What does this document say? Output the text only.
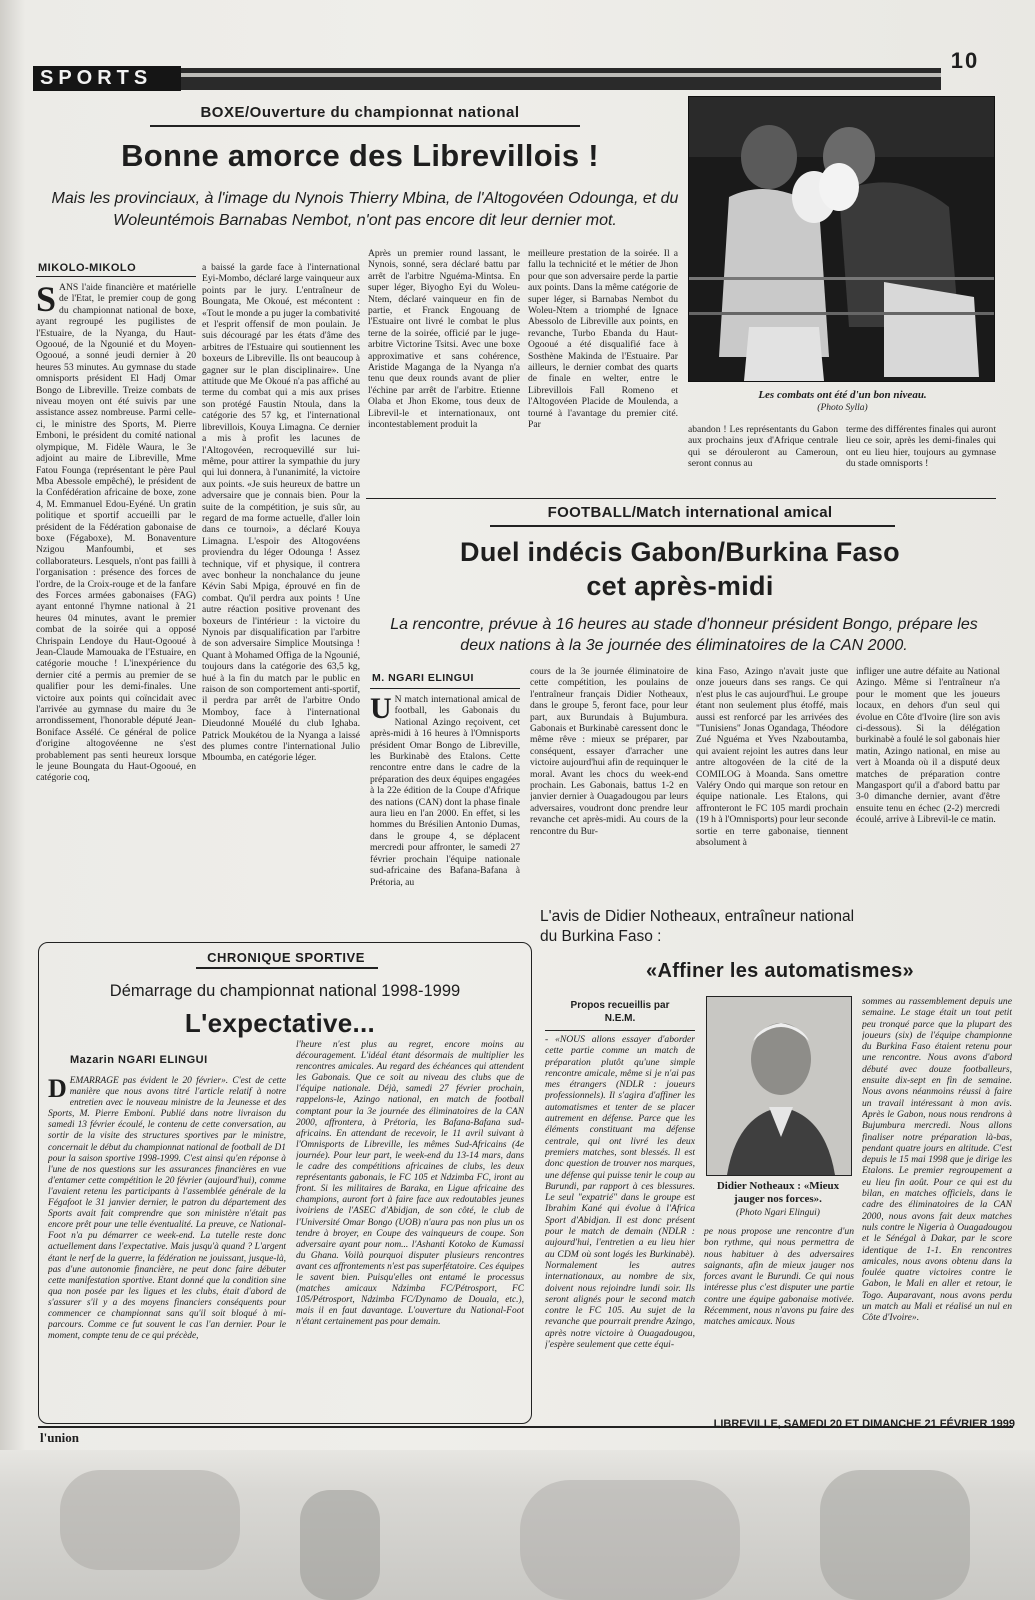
SPORTS
10
BOXE/Ouverture du championnat national
Bonne amorce des Librevillois !
Mais les provinciaux, à l'image du Nynois Thierry Mbina, de l'Altogovéen Odounga, et du Woleuntémois Barnabas Nembot, n'ont pas encore dit leur dernier mot.
MIKOLO-MIKOLO
SANS l'aide financière et matérielle de l'Etat, le premier coup de gong du championnat national de boxe, ayant regroupé les pugilistes de l'Estuaire, de la Nyanga, du Haut-Ogooué, de la Ngounié et du Moyen-Ogooué, a sonné jeudi dernier à 20 heures 53 minutes. Au gymnase du stade omnisports président El Hadj Omar Bongo de Libreville. Treize combats de niveau moyen ont été suivis par une assistance assez nombreuse. Parmi celle-ci, le ministre des Sports, M. Pierre Emboni, le président du comité national olympique, M. Fidèle Waura, le 3e adjoint au maire de Libreville, Mme Fatou Founga (représentant le père Paul Mba Abessole empêché), le président de la Confédération africaine de boxe, zone 4, M. Emmanuel Edou-Eyéné. Un gratin politique et sportif accueilli par le président de la Fédération gabonaise de boxe (Fégaboxe), M. Bonaventure Nzigou Manfoumbi, et ses collaborateurs. Lesquels, n'ont pas failli à l'organisation : présence des forces de l'ordre, de la Croix-rouge et de la fanfare des Forces armées gabonaises (FAG) ayant entonné l'hymne national à 21 heures 04 minutes, avant le premier combat de la soirée qui a opposé Chrispain Lendoye du Haut-Ogooué à Jean-Claude Mamouaka de l'Estuaire, en catégorie mouche ! L'inexpérience du dernier cité a permis au premier de se qualifier pour les demi-finales. Une victoire aux points qui coïncidait avec l'arrivée au gymnase du maire du 3e arrondissement, l'honorable député Jean-Boniface Assélé. Ce général de police d'origine altogovéenne ne s'est probablement pas senti heureux lorsque le jeune Boungata du Haut-Ogooué, en catégorie coq,
a baissé la garde face à l'international Eyi-Mombo, déclaré large vainqueur aux points par le jury. L'entraîneur de Boungata, Me Okoué, est mécontent : «Tout le monde a pu juger la combativité et l'esprit offensif de mon poulain. Je suis découragé par les états d'âme des arbitres de l'Estuaire qui soutiennent les boxeurs de Libreville. Ils ont beaucoup à gagner sur le plan disciplinaire». Une attitude que Me Okoué n'a pas affiché au terme du combat qui a mis aux prises son protégé Faustin Ntoula, dans la catégorie des 57 kg, et l'international librevillois, Kouya Limagna. Ce dernier a mis à profit les lacunes de l'Altogovéen, recroquevillé sur lui-même, pour attirer la sympathie du jury qui lui donnera, à l'unanimité, la victoire aux points. «Je suis heureux de battre un adversaire que je connais bien. Pour la suite de la compétition, je suis sûr, au regard de ma forme actuelle, d'aller loin dans ce tournoi», a déclaré Kouya Limagna. L'espoir des Altogovéens proviendra du léger Odounga ! Assez technique, vif et physique, il contrera avec bonheur la nonchalance du jeune Kévin Sabi Mpiga, éprouvé en fin de combat. Qu'il perdra aux points ! Une autre réaction positive provenant des boxeurs de l'intérieur : la victoire du Nynois par disqualification par l'arbitre de son adversaire Simplice Moutsinga ! Quant à Mohamed Offiga de la Ngounié, toujours dans la catégorie des 63,5 kg, hué à la fin du match par le public en raison de son comportement anti-sportif, il perdra par arrêt de l'arbitre Ondo Momboy, face à l'international Dieudonné Mouélé du club Ighaba. Patrick Moukétou de la Nyanga a laissé des plumes contre l'international Julio Mboumba, en catégorie léger.
Après un premier round lassant, le Nynois, sonné, sera déclaré battu par arrêt de l'arbitre Nguéma-Mintsa. En super léger, Biyogho Eyi du Woleu-Ntem, déclaré vainqueur en fin de partie, et Franck Engouang de l'Estuaire ont livré le combat le plus terne de la soirée, officié par le juge-arbitre Victorine Tsitsi. Avec une boxe approximative et sans cohérence, Aristide Maganga de la Nyanga n'a tenu que deux rounds avant de plier l'échine par arrêt de l'arbitre. Etienne Olaba et Jhon Ekome, tous deux de Librevil-le et internationaux, ont incontestablement produit la
meilleure prestation de la soirée. Il a fallu la technicité et le métier de Jhon pour que son adversaire perde la partie aux points. Dans la même catégorie de super léger, si Barnabas Nembot du Woleu-Ntem a triomphé de Ignace Abessolo de Libreville aux points, en revanche, Turbo Ebanda du Haut-Ogooué a été disqualifié face à Sosthène Makinda de l'Estuaire. Par ailleurs, le dernier combat des quarts de finale en welter, entre le Librevillois Fall Romeno et l'Altogovéen Placide de Moulenda, a tourné à l'avantage du premier cité. Par
Les combats ont été d'un bon niveau.
(Photo Sylla)
abandon ! Les représentants du Gabon aux prochains jeux d'Afrique centrale qui se dérouleront au Cameroun, seront connus au
terme des différentes finales qui auront lieu ce soir, après les demi-finales qui ont eu lieu hier, toujours au gymnase du stade omnisports !
FOOTBALL/Match international amical
Duel indécis Gabon/Burkina Faso
cet après-midi
La rencontre, prévue à 16 heures au stade d'honneur président Bongo, prépare les deux nations à la 3e journée des éliminatoires de la CAN 2000.
M. NGARI ELINGUI
U N match international amical de football, les Gabonais du National Azingo reçoivent, cet après-midi à 16 heures à l'Omnisports président Omar Bongo de Libreville, les Burkinabè des Etalons. Cette rencontre entre dans le cadre de la préparation des deux équipes engagées à la 22e édition de la Coupe d'Afrique des nations (CAN) dont la phase finale aura lieu en l'an 2000. En effet, si les hommes du Brésilien Antonio Dumas, dans le groupe 4, se déplacent mercredi pour affronter, le samedi 27 février prochain l'équipe nationale sud-africaine des Bafana-Bafana à Prétoria, au
cours de la 3e journée éliminatoire de cette compétition, les poulains de l'entraîneur français Didier Notheaux, dans le groupe 5, feront face, pour leur part, aux Burundais à Bujumbura. Gabonais et Burkinabè caressent donc le même rêve : mieux se préparer, par conséquent, essayer d'arracher une victoire aujourd'hui afin de requinquer le moral. Avant les chocs du week-end prochain. Les Gabonais, battus 1-2 en janvier dernier à Ouagadougou par leurs adversaires, voudront donc prendre leur revanche cet après-midi. Au cours de la rencontre du Bur-
kina Faso, Azingo n'avait juste que onze joueurs dans ses rangs. Ce qui n'est plus le cas aujourd'hui. Le groupe étant non seulement plus étoffé, mais aussi est renforcé par les arrivées des "Tunisiens" Jonas Ogandaga, Théodore Zué Nguéma et Yves Nzaboutamba, qui avaient rejoint les autres dans leur antre altogovéen de la cité de la COMILOG à Moanda. Sans omettre Valéry Ondo qui marque son retour en équipe nationale. Les Etalons, qui affronteront le FC 105 mardi prochain (19 h à l'Omnisports) pour leur seconde sortie en terre gabonaise, tiennent absolument à
infliger une autre défaite au National Azingo. Même si l'entraîneur n'a pour le moment que les joueurs locaux, en dehors d'un seul qui évolue en Côte d'Ivoire (lire son avis ci-dessous). Si la délégation burkinabè a foulé le sol gabonais hier matin, Azingo national, en mise au vert à Moanda où il a disputé deux matches de préparation contre Mangasport qu'il a d'abord battu par 3-0 dimanche dernier, avant d'être ensuite tenu en échec (2-2) mercredi écoulé, arrive à Librevil-le ce matin.
CHRONIQUE SPORTIVE
Démarrage du championnat national 1998-1999
L'expectative...
Mazarin NGARI ELINGUI
DEMARRAGE pas évident le 20 février». C'est de cette manière que nous avons titré l'article relatif à notre entretien avec le nouveau ministre de la Jeunesse et des Sports, M. Pierre Emboni. Publié dans notre livraison du samedi 13 février écoulé, le contenu de cette conversation, au sortir de la visite des structures sportives par le ministre, concernait le début du championnat national de football de D1 pour la saison sportive 1998-1999. C'est ainsi qu'en réponse à l'une de nos questions sur les assurances financières en vue d'entamer cette compétition le 20 février (aujourd'hui), comme l'avaient retenu les participants à l'assemblée générale de la Fégafoot le 31 janvier dernier, le patron du département des Sports avait fait comprendre que son ministère n'était pas encore prêt pour une telle éventualité. La preuve, ce National-Foot n'a pu démarrer ce week-end. La tutelle reste donc actuellement dans l'expectative. Mais jusqu'à quand ? L'argent étant le nerf de la guerre, la fédération ne jouissant, jusque-là, pas d'une autonomie financière, ne peut donc faire débuter cette manifestation sportive. Etant donné que la condition sine qua non posée par les ligues et les clubs, était d'abord de s'assurer s'il y a des moyens financiers conséquents pour commencer ce championnat sans qu'il soit bloqué à mi-parcours. Comme ce fut souvent le cas l'an dernier. Pour le moment, compte tenu de ce qui précède,
l'heure n'est plus au regret, encore moins au découragement. L'idéal étant désormais de multiplier les rencontres amicales. Au regard des échéances qui attendent les Gabonais. Que ce soit au niveau des clubs que de l'équipe nationale. Déjà, samedi 27 février prochain, rappelons-le, Azingo national, en match de football comptant pour la 3e journée des éliminatoires de la CAN 2000, affrontera, à Prétoria, les Bafana-Bafana sud-africains. En attendant de recevoir, le 11 avril suivant à l'Omnisports de Libreville, les mêmes Sud-Africains (4e journée). Pour leur part, le week-end du 13-14 mars, dans le cadre des compétitions africaines de clubs, les deux représentants gabonais, le FC 105 et Ndzimba FC, iront au front. Si les militaires de Baraka, en Ligue africaine des champions, auront fort à faire face aux redoutables jeunes ivoiriens de l'ASEC d'Abidjan, de son côté, le club de l'Université Omar Bongo (UOB) n'aura pas non plus un os tendre à broyer, en Coupe des vainqueurs de coupe. Son adversaire ayant pour nom... l'Ashanti Kotoko de Kumassi du Ghana. Voilà pourquoi disputer plusieurs rencontres avant ces affrontements n'est pas superfétatoire. Ces équipes le savent bien. Puisqu'elles ont entamé le processus (matches amicaux Ndzimba FC/Pétrosport, FC 105/Pétrosport, Ndzimba FC/Dynamo de Douala, etc.), mais il en faut davantage. L'ouverture du National-Foot n'étant certainement pas pour demain.
L'avis de Didier Notheaux, entraîneur national
du Burkina Faso :
«Affiner les automatismes»
Propos recueillis par
N.E.M.
- «NOUS allons essayer d'aborder cette partie comme un match de préparation plutôt qu'une simple rencontre amicale, même si je n'ai pas mes étrangers (NDLR : joueurs professionnels). Il s'agira d'affiner les automatismes et tenter de se placer autrement en défense. Parce que les éléments constituant ma défense centrale, qui ont livré les deux premiers matches, sont blessés. Il est donc question de trouver nos marques, une défense qui puisse tenir le coup au Burundi, par rapport à ces blessures. Le seul "expatrié" dans le groupe est Ibrahim Kané qui évolue à l'Africa Sport d'Abidjan. Il est donc présent pour le match de demain (NDLR : aujourd'hui, l'entretien a eu lieu hier au CDM où sont logés les Burkinabè). Normalement les autres internationaux, au nombre de six, doivent nous rejoindre lundi soir. Ils seront alignés pour le second match contre le FC 105. Au sujet de la revanche que pourrait prendre Azingo, après notre victoire à Ouagadougou, j'espère seulement que cette équi-
Didier Notheaux : «Mieux jauger nos forces».
(Photo Ngari Elingui)
pe nous propose une rencontre d'un bon rythme, qui nous permettra de nous habituer à des adversaires saignants, afin de mieux jauger nos forces avant le Burundi. Ce qui nous intéresse plus c'est disputer une partie contre une équipe gabonaise motivée. Récemment, nous n'avons pu faire des matches amicaux. Nous
sommes au rassemblement depuis une semaine. Le stage était un tout petit peu tronqué parce que la plupart des joueurs (six) de l'équipe championne du Burkina Faso étaient retenu pour une rencontre. Nous avons d'abord débuté avec douze footballeurs, ensuite dix-sept en fin de semaine. Nous avons néanmoins réussi à faire un travail intéressant à mon avis. Après le Gabon, nous nous rendrons à Bujumbura mercredi. Nous allons finaliser notre préparation là-bas, pendant quatre jours en altitude. C'est depuis le 15 mai 1998 que je dirige les Etalons. Le premier regroupement a eu lieu fin août. Pour ce qui est du bilan, en matches officiels, dans le cadre des éliminatoires de la CAN 2000, nous avons fait deux matches nuls contre le Nigeria à Ouagadougou et le Sénégal à Dakar, par le score identique de 1-1. En rencontres amicales, nous avons obtenu dans la foulée quatre victoires contre le Gabon, le Mali en aller et retour, le Togo. Auparavant, nous avons perdu un match au Mali et réalisé un nul en Côte d'Ivoire».
l'union
LIBREVILLE, SAMEDI 20 ET DIMANCHE 21 FÉVRIER 1999
